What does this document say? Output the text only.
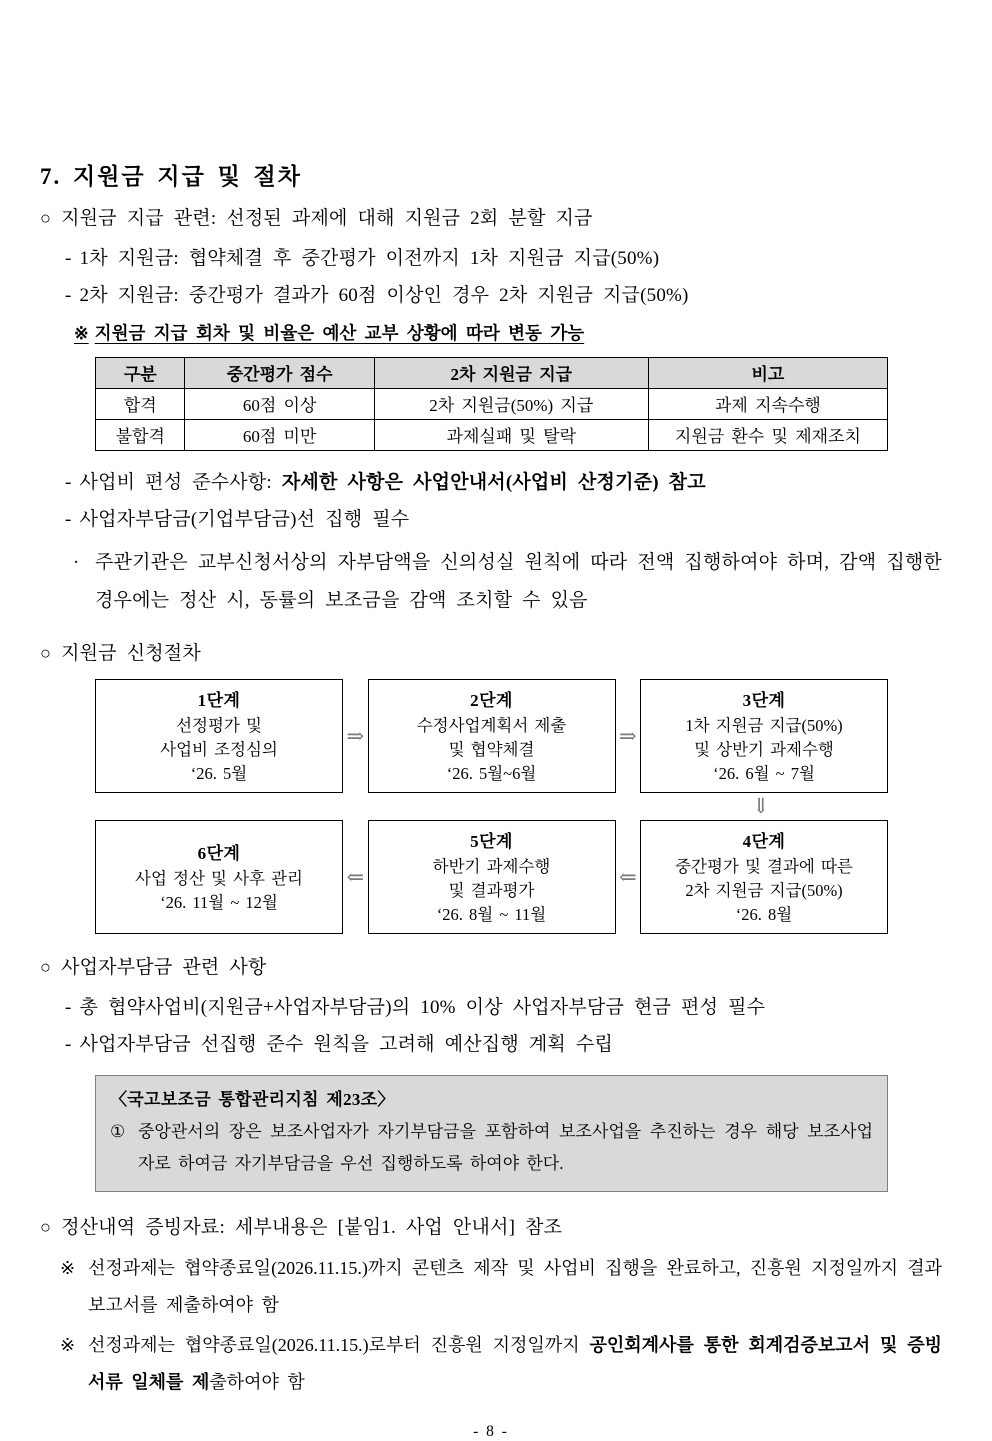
7. 지원금 지급 및 절차
○ 지원금 지급 관련: 선정된 과제에 대해 지원금 2회 분할 지금
- 1차 지원금: 협약체결 후 중간평가 이전까지 1차 지원금 지급(50%)
- 2차 지원금: 중간평가 결과가 60점 이상인 경우 2차 지원금 지급(50%)
※ 지원금 지급 회차 및 비율은 예산 교부 상황에 따라 변동 가능
구분	중간평가 점수	2차 지원금 지급	비고
합격	60점 이상	2차 지원금(50%) 지급	과제 지속수행
불합격	60점 미만	과제실패 및 탈락	지원금 환수 및 제재조치
- 사업비 편성 준수사항: 자세한 사항은 사업안내서(사업비 산정기준) 참고
- 사업자부담금(기업부담금)선 집행 필수
· 주관기관은 교부신청서상의 자부담액을 신의성실 원칙에 따라 전액 집행하여야 하며, 감액 집행한 경우에는 정산 시, 동률의 보조금을 감액 조치할 수 있음
○ 지원금 신청절차
1단계
선정평가 및
사업비 조정심의
‘26. 5월
⇒
2단계
수정사업계획서 제출
및 협약체결
‘26. 5월~6월
⇒
3단계
1차 지원금 지급(50%)
및 상반기 과제수행
‘26. 6월 ~ 7월
⇓
6단계
사업 정산 및 사후 관리
‘26. 11월 ~ 12월
⇐
5단계
하반기 과제수행
및 결과평가
‘26. 8월 ~ 11월
⇐
4단계
중간평가 및 결과에 따른
2차 지원금 지급(50%)
‘26. 8월
○ 사업자부담금 관련 사항
- 총 협약사업비(지원금+사업자부담금)의 10% 이상 사업자부담금 현금 편성 필수
- 사업자부담금 선집행 준수 원칙을 고려해 예산집행 계획 수립
〈국고보조금 통합관리지침 제23조〉
① 중앙관서의 장은 보조사업자가 자기부담금을 포함하여 보조사업을 추진하는 경우 해당 보조사업자로 하여금 자기부담금을 우선 집행하도록 하여야 한다.
○ 정산내역 증빙자료: 세부내용은 [붙임1. 사업 안내서] 참조
※ 선정과제는 협약종료일(2026.11.15.)까지 콘텐츠 제작 및 사업비 집행을 완료하고, 진흥원 지정일까지 결과보고서를 제출하여야 함
※ 선정과제는 협약종료일(2026.11.15.)로부터 진흥원 지정일까지 공인회계사를 통한 회계검증보고서 및 증빙 서류 일체를 제출하여야 함
- 8 -
